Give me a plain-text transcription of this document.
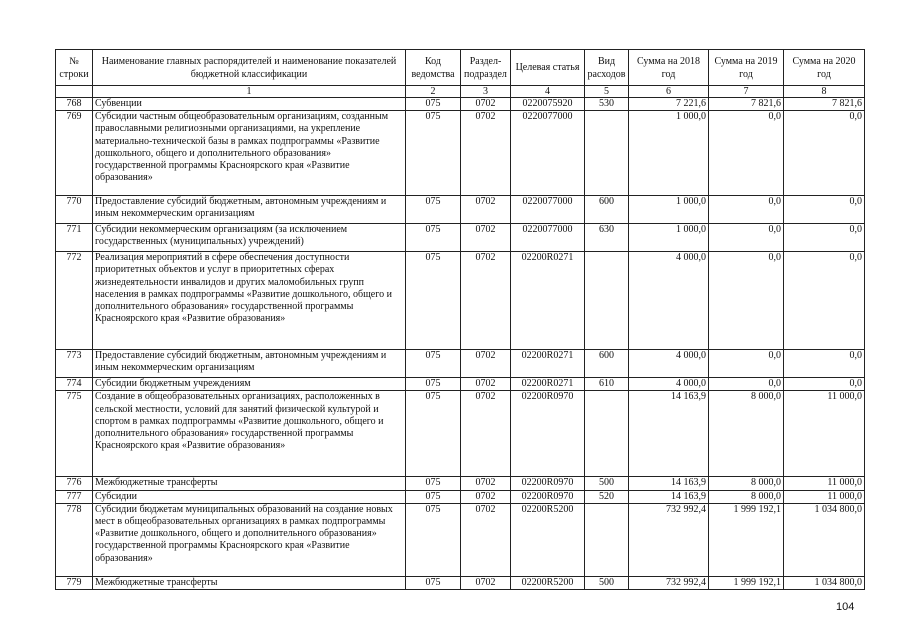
№ строки	Наименование главных распорядителей и наименование показателей бюджетной классификации	Код ведомства	Раздел-подраздел	Целевая статья	Вид расходов	Сумма на 2018 год	Сумма на 2019 год	Сумма на 2020 год
	1	2	3	4	5	6	7	8
768	Субвенции	075	0702	0220075920	530	7 221,6	7 821,6	7 821,6
769	Субсидии частным общеобразовательным организациям, созданным православными религиозными организациями, на укрепление материально-технической базы в рамках подпрограммы «Развитие дошкольного, общего и дополнительного образования» государственной программы Красноярского края «Развитие образования»	075	0702	0220077000		1 000,0	0,0	0,0
770	Предоставление субсидий бюджетным, автономным учреждениям и иным некоммерческим организациям	075	0702	0220077000	600	1 000,0	0,0	0,0
771	Субсидии некоммерческим организациям (за исключением государственных (муниципальных) учреждений)	075	0702	0220077000	630	1 000,0	0,0	0,0
772	Реализация мероприятий в сфере обеспечения доступности приоритетных объектов и услуг в приоритетных сферах жизнедеятельности инвалидов и других маломобильных групп населения в рамках подпрограммы «Развитие дошкольного, общего и дополнительного образования» государственной программы Красноярского края «Развитие образования»	075	0702	02200R0271		4 000,0	0,0	0,0
773	Предоставление субсидий бюджетным, автономным учреждениям и иным некоммерческим организациям	075	0702	02200R0271	600	4 000,0	0,0	0,0
774	Субсидии бюджетным учреждениям	075	0702	02200R0271	610	4 000,0	0,0	0,0
775	Создание в общеобразовательных организациях, расположенных в сельской местности, условий для занятий физической культурой и спортом в рамках подпрограммы «Развитие дошкольного, общего и дополнительного образования» государственной программы Красноярского края «Развитие образования»	075	0702	02200R0970		14 163,9	8 000,0	11 000,0
776	Межбюджетные трансферты	075	0702	02200R0970	500	14 163,9	8 000,0	11 000,0
777	Субсидии	075	0702	02200R0970	520	14 163,9	8 000,0	11 000,0
778	Субсидии бюджетам муниципальных образований на создание новых мест в общеобразовательных организациях в рамках подпрограммы «Развитие дошкольного, общего и дополнительного образования» государственной программы Красноярского края «Развитие образования»	075	0702	02200R5200		732 992,4	1 999 192,1	1 034 800,0
779	Межбюджетные трансферты	075	0702	02200R5200	500	732 992,4	1 999 192,1	1 034 800,0
104
